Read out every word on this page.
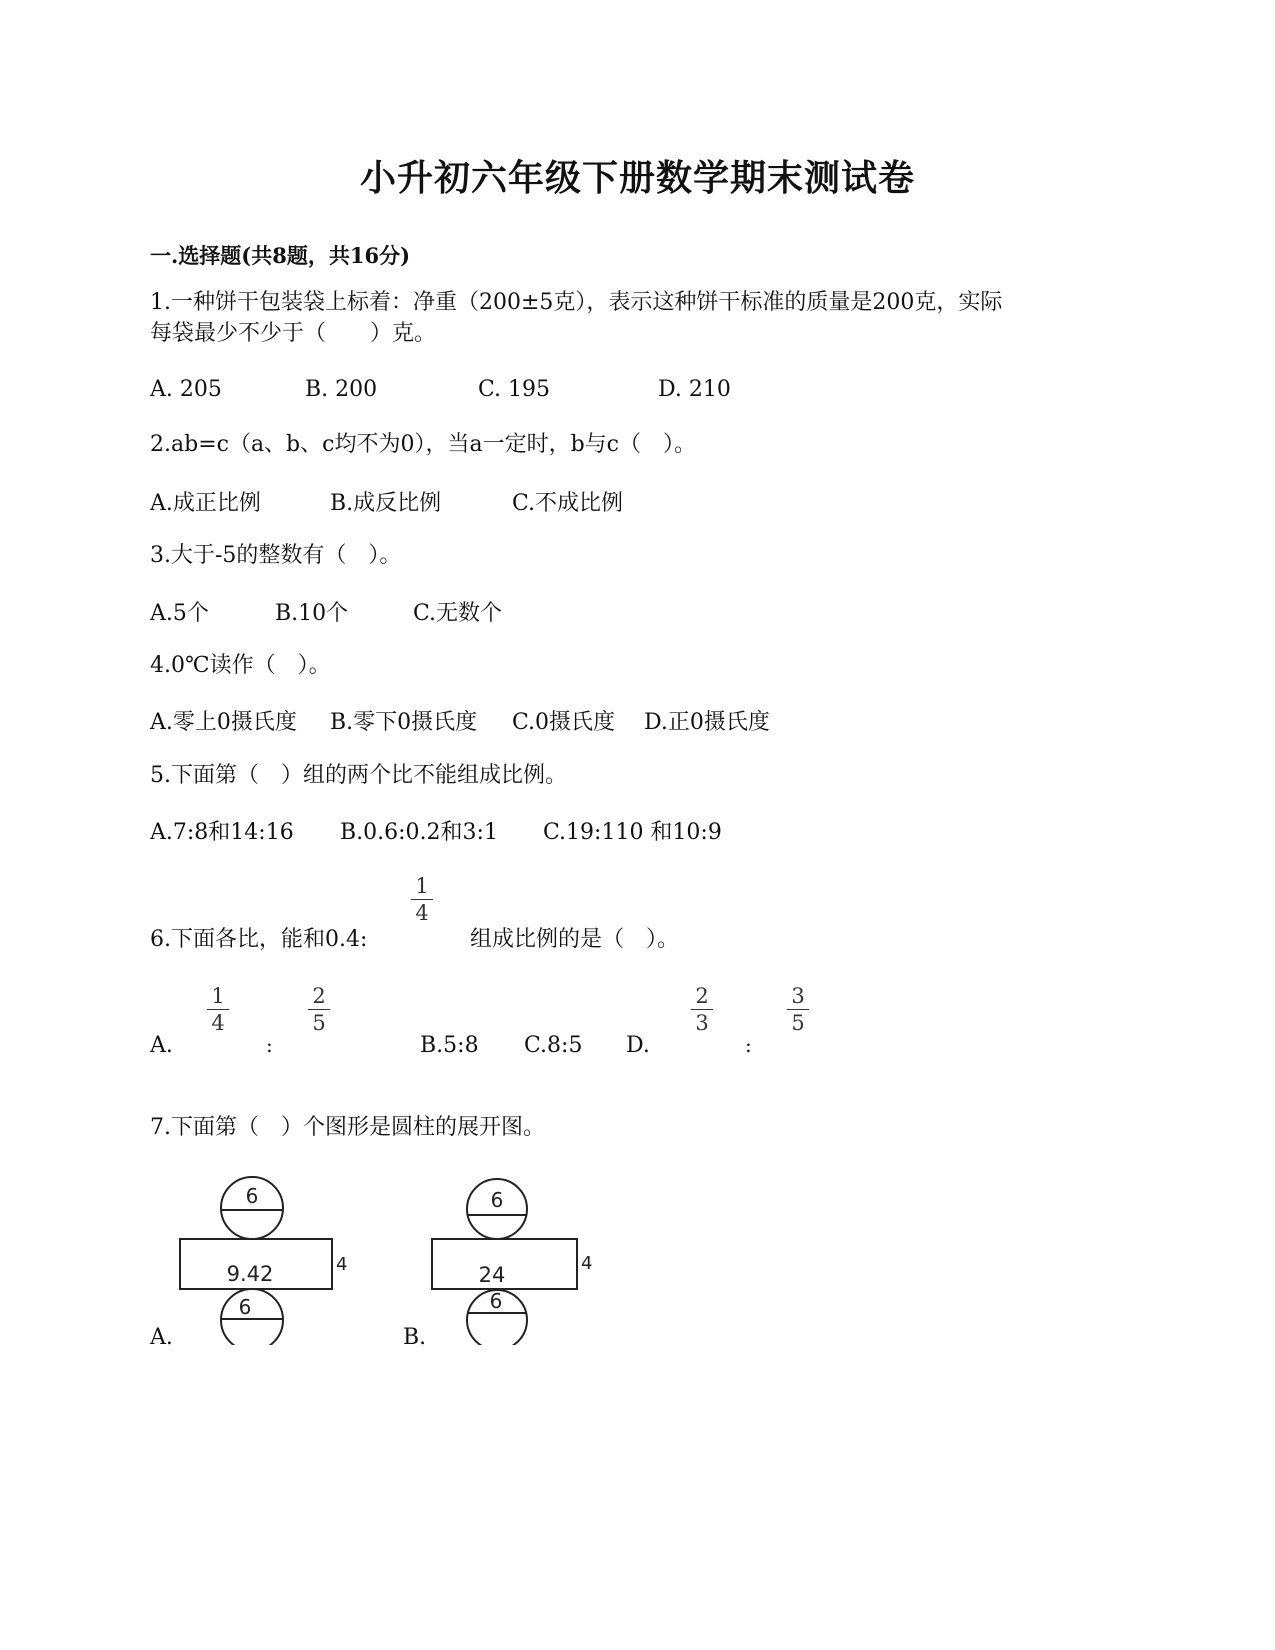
小升初六年级下册数学期末测试卷
一.选择题(共8题，共16分)
1.一种饼干包装袋上标着：净重（200±5克），表示这种饼干标准的质量是200克，实际
每袋最少不少于（　　）克。
A. 205	B. 200	C. 195	D. 210
2.ab=c（a、b、c均不为0），当a一定时，b与c（　）。
A.成正比例	B.成反比例	C.不成比例
3.大于-5的整数有（　）。
A.5个	B.10个	C.无数个
4.0℃读作（　）。
A.零上0摄氏度 B.零下0摄氏度 C.0摄氏度 D.正0摄氏度
5.下面第（　）组的两个比不能组成比例。
A.7:8和14:16 B.0.6:0.2和3:1 C.19:110 和10:9
6.下面各比，能和0.4:
1
4
组成比例的是（　）。
A.
1
4
:
2
5
B.5:8 C.8:5 D.
2
3
:
3
5
7.下面第（　）个图形是圆柱的展开图。
A.
6
9.42	4
6
B.
6
24	4
6
